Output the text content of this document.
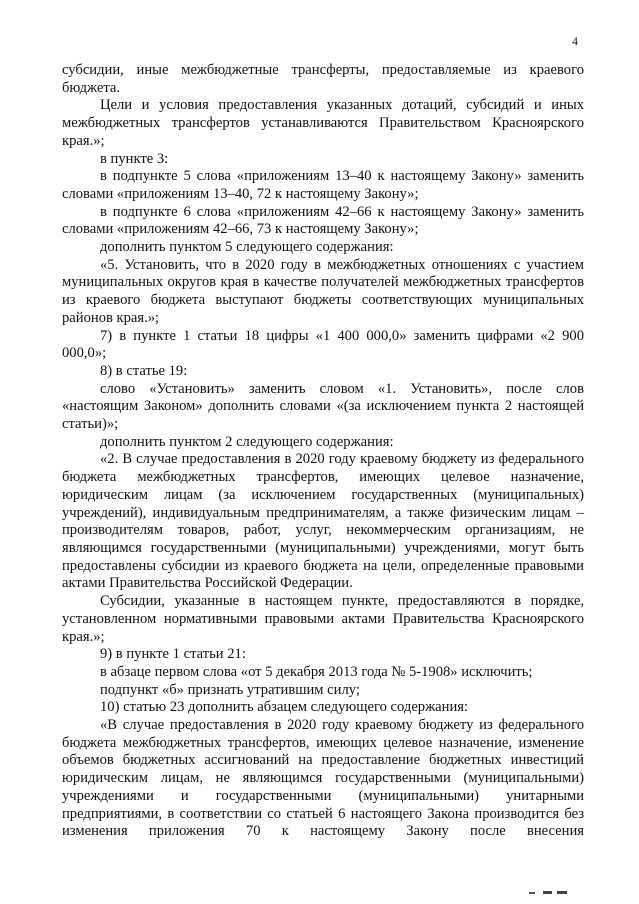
4

субсидии, иные межбюджетные трансферты, предоставляемые из краевого бюджета.

Цели и условия предоставления указанных дотаций, субсидий и иных межбюджетных трансфертов устанавливаются Правительством Красноярского края.»;

в пункте 3:

в подпункте 5 слова «приложениям 13–40 к настоящему Закону» заменить словами «приложениям 13–40, 72 к настоящему Закону»;

в подпункте 6 слова «приложениям 42–66 к настоящему Закону» заменить словами «приложениям 42–66, 73 к настоящему Закону»;

дополнить пунктом 5 следующего содержания:

«5. Установить, что в 2020 году в межбюджетных отношениях с участием муниципальных округов края в качестве получателей межбюджетных трансфертов из краевого бюджета выступают бюджеты соответствующих муниципальных районов края.»;

7) в пункте 1 статьи 18 цифры «1 400 000,0» заменить цифрами «2 900 000,0»;

8) в статье 19:

слово «Установить» заменить словом «1. Установить», после слов «настоящим Законом» дополнить словами «(за исключением пункта 2 настоящей статьи)»;

дополнить пунктом 2 следующего содержания:

«2. В случае предоставления в 2020 году краевому бюджету из федерального бюджета межбюджетных трансфертов, имеющих целевое назначение, юридическим лицам (за исключением государственных (муниципальных) учреждений), индивидуальным предпринимателям, а также физическим лицам – производителям товаров, работ, услуг, некоммерческим организациям, не являющимся государственными (муниципальными) учреждениями, могут быть предоставлены субсидии из краевого бюджета на цели, определенные правовыми актами Правительства Российской Федерации.

Субсидии, указанные в настоящем пункте, предоставляются в порядке, установленном нормативными правовыми актами Правительства Красноярского края.»;

9) в пункте 1 статьи 21:

в абзаце первом слова «от 5 декабря 2013 года № 5-1908» исключить;

подпункт «б» признать утратившим силу;

10) статью 23 дополнить абзацем следующего содержания:

«В случае предоставления в 2020 году краевому бюджету из федерального бюджета межбюджетных трансфертов, имеющих целевое назначение, изменение объемов бюджетных ассигнований на предоставление бюджетных инвестиций юридическим лицам, не являющимся государственными (муниципальными) учреждениями и государственными (муниципальными) унитарными предприятиями, в соответствии со статьей 6 настоящего Закона производится без изменения приложения 70 к настоящему Закону после внесения
